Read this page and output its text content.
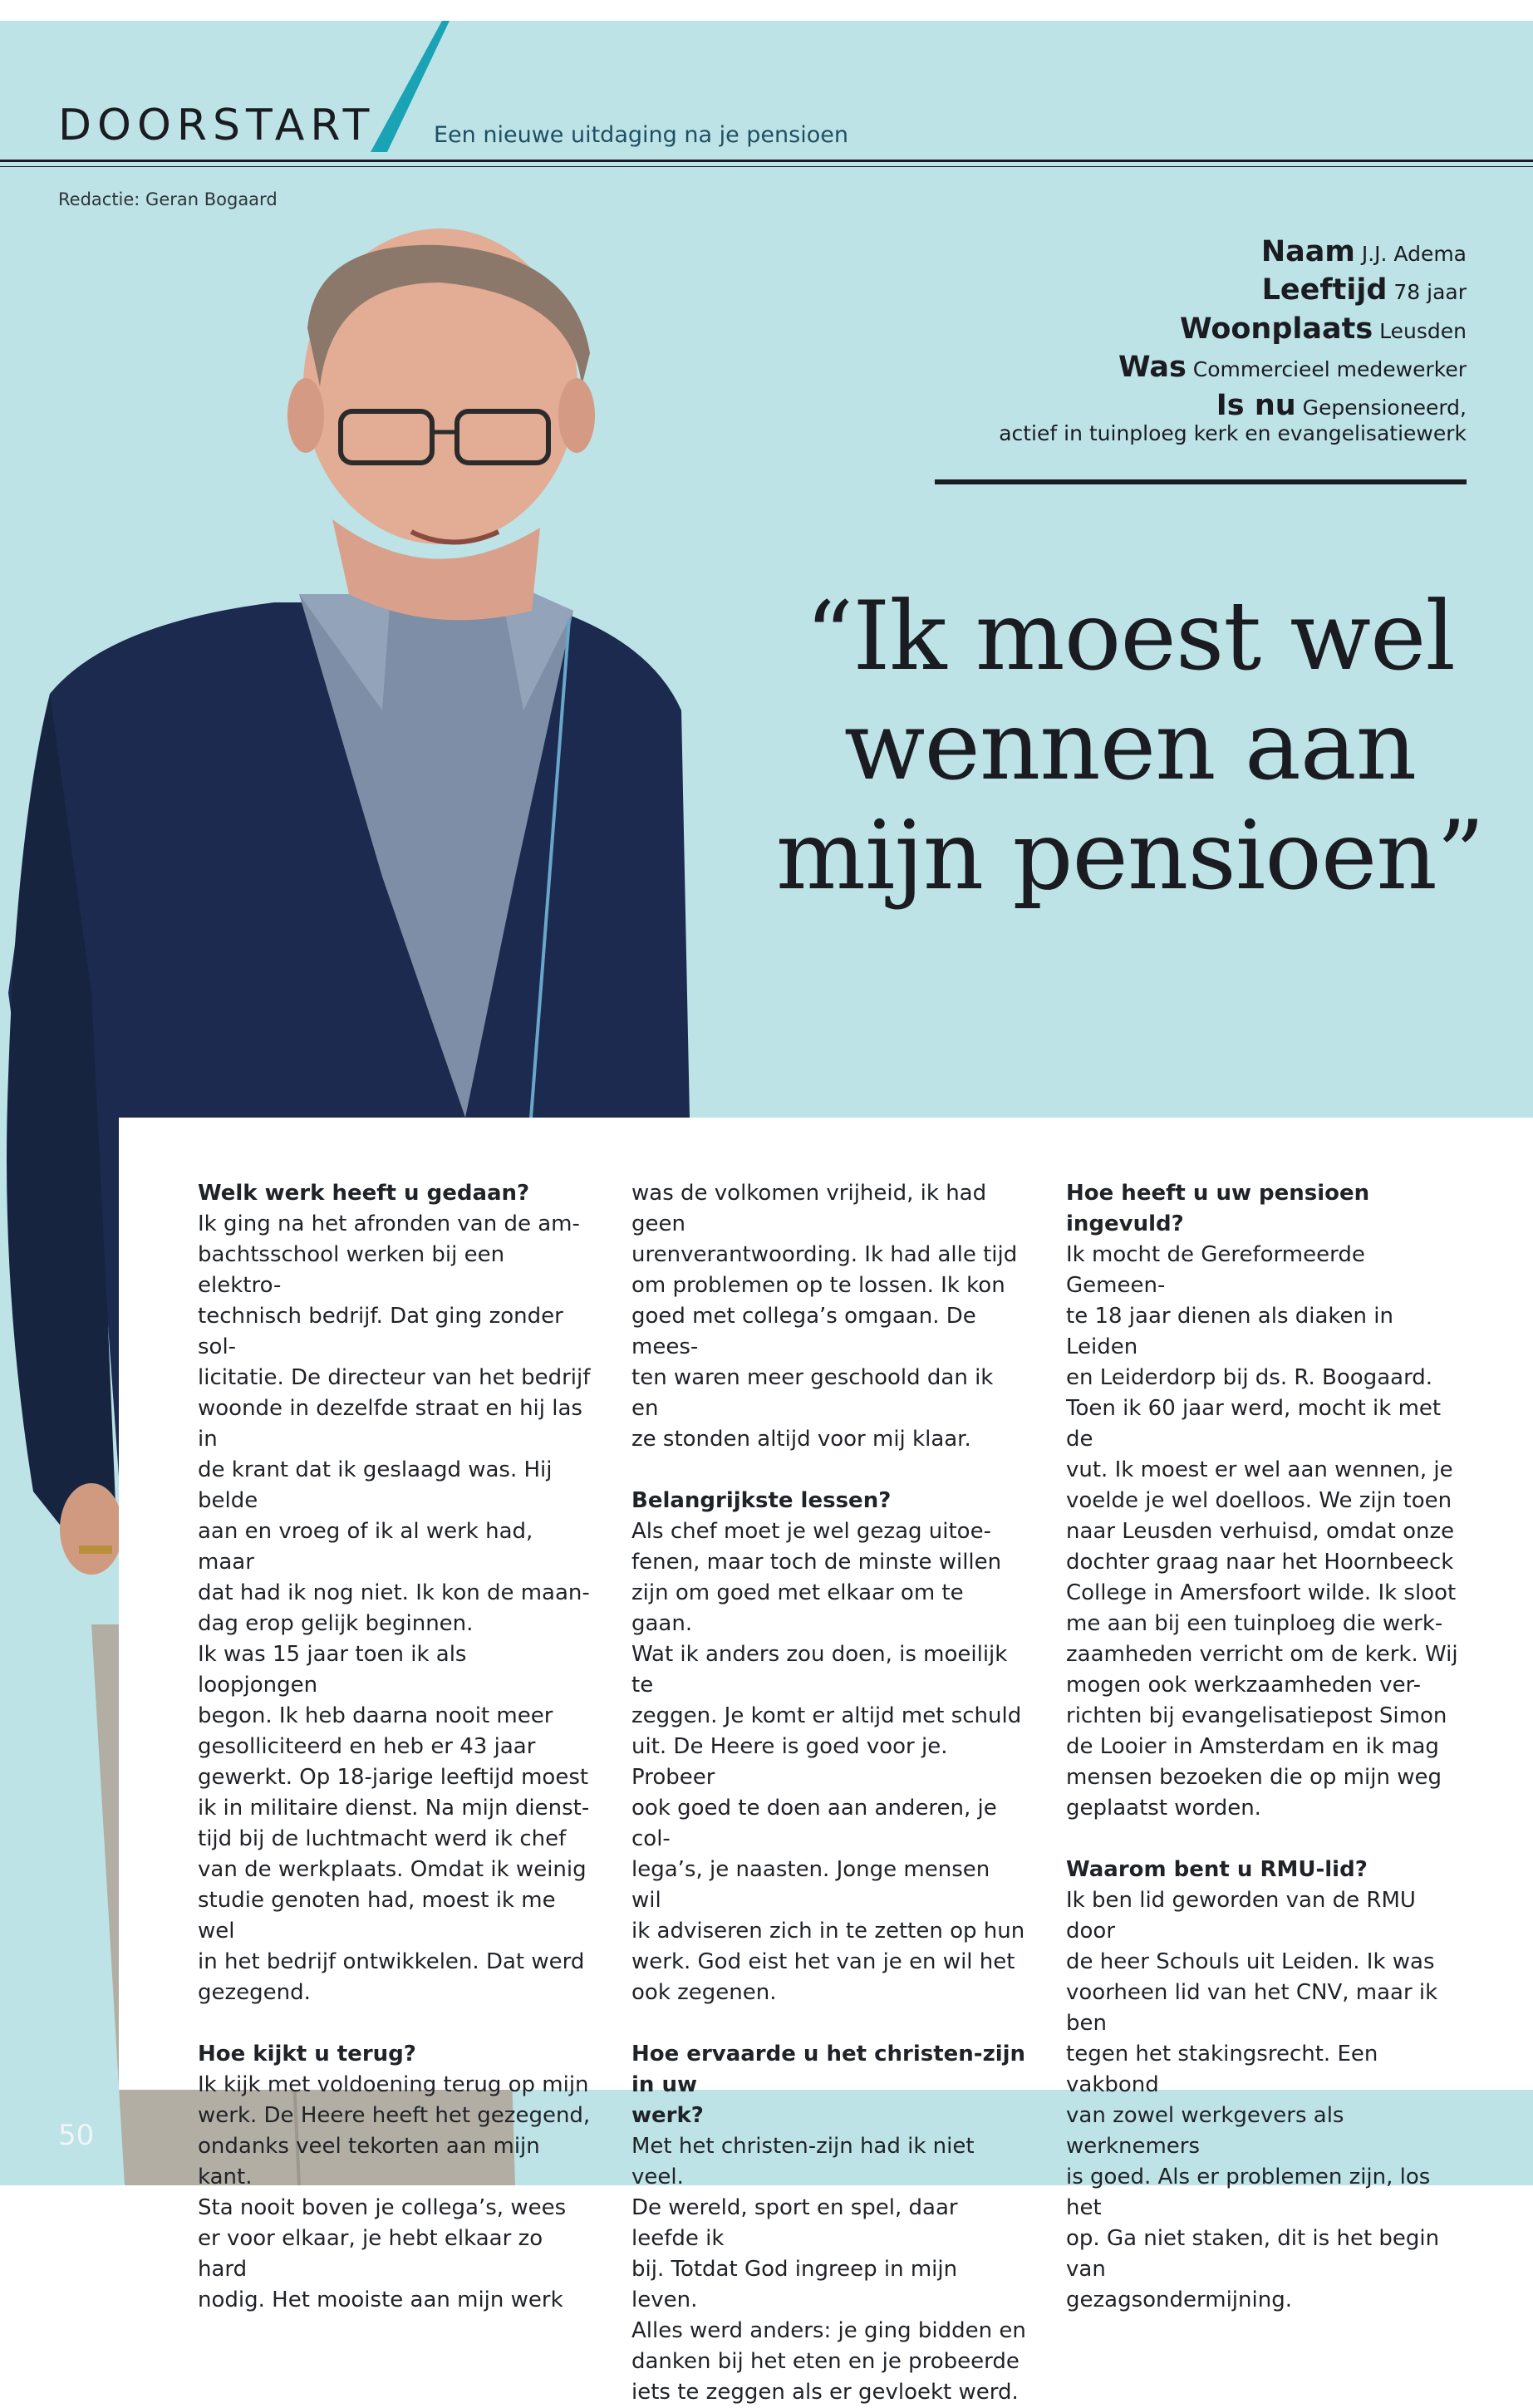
DOORSTART	Een nieuwe uitdaging na je pensioen
Redactie: Geran Bogaard
Naam J.J. Adema
Leeftijd 78 jaar
Woonplaats Leusden
Was Commercieel medewerker
Is nu Gepensioneerd,
actief in tuinploeg kerk en evangelisatiewerk
“Ik moest wel
wennen aan
mijn pensioen”
Welk werk heeft u gedaan?
Ik ging na het afronden van de am-
bachtsschool werken bij een elektro-
technisch bedrijf. Dat ging zonder sol-
licitatie. De directeur van het bedrijf
woonde in dezelfde straat en hij las in
de krant dat ik geslaagd was. Hij belde
aan en vroeg of ik al werk had, maar
dat had ik nog niet. Ik kon de maan-
dag erop gelijk beginnen.
Ik was 15 jaar toen ik als loopjongen
begon. Ik heb daarna nooit meer
gesolliciteerd en heb er 43 jaar
gewerkt. Op 18-jarige leeftijd moest
ik in militaire dienst. Na mijn dienst-
tijd bij de luchtmacht werd ik chef
van de werkplaats. Omdat ik weinig
studie genoten had, moest ik me wel
in het bedrijf ontwikkelen. Dat werd
gezegend.
Hoe kijkt u terug?
Ik kijk met voldoening terug op mijn
werk. De Heere heeft het gezegend,
ondanks veel tekorten aan mijn kant.
Sta nooit boven je collega’s, wees
er voor elkaar, je hebt elkaar zo hard
nodig. Het mooiste aan mijn werk
was de volkomen vrijheid, ik had geen
urenverantwoording. Ik had alle tijd
om problemen op te lossen. Ik kon
goed met collega’s omgaan. De mees-
ten waren meer geschoold dan ik en
ze stonden altijd voor mij klaar.
Belangrijkste lessen?
Als chef moet je wel gezag uitoe-
fenen, maar toch de minste willen
zijn om goed met elkaar om te gaan.
Wat ik anders zou doen, is moeilijk te
zeggen. Je komt er altijd met schuld
uit. De Heere is goed voor je. Probeer
ook goed te doen aan anderen, je col-
lega’s, je naasten. Jonge mensen wil
ik adviseren zich in te zetten op hun
werk. God eist het van je en wil het
ook zegenen.
Hoe ervaarde u het christen-zijn in uw
werk?
Met het christen-zijn had ik niet veel.
De wereld, sport en spel, daar leefde ik
bij. Totdat God ingreep in mijn leven.
Alles werd anders: je ging bidden en
danken bij het eten en je probeerde
iets te zeggen als er gevloekt werd.
Hoe heeft u uw pensioen ingevuld?
Ik mocht de Gereformeerde Gemeen-
te 18 jaar dienen als diaken in Leiden
en Leiderdorp bij ds. R. Boogaard.
Toen ik 60 jaar werd, mocht ik met de
vut. Ik moest er wel aan wennen, je
voelde je wel doelloos. We zijn toen
naar Leusden verhuisd, omdat onze
dochter graag naar het Hoornbeeck
College in Amersfoort wilde. Ik sloot
me aan bij een tuinploeg die werk-
zaamheden verricht om de kerk. Wij
mogen ook werkzaamheden ver-
richten bij evangelisatiepost Simon
de Looier in Amsterdam en ik mag
mensen bezoeken die op mijn weg
geplaatst worden.
Waarom bent u RMU-lid?
Ik ben lid geworden van de RMU door
de heer Schouls uit Leiden. Ik was
voorheen lid van het CNV, maar ik ben
tegen het stakingsrecht. Een vakbond
van zowel werkgevers als werknemers
is goed. Als er problemen zijn, los het
op. Ga niet staken, dit is het begin van
gezagsondermijning.
50
